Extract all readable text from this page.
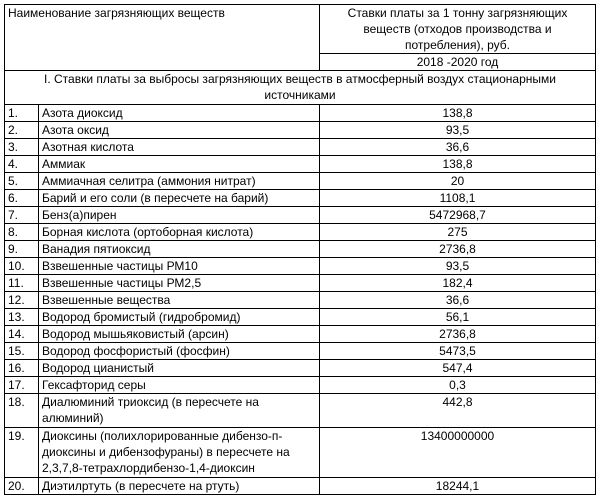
Наименование загрязняющих веществ		Ставки платы за 1 тонну загрязняющих веществ (отходов производства и потребления), руб.
		2018 -2020 год
I. Ставки платы за выбросы загрязняющих веществ в атмосферный воздух стационарными источниками		
1.	Азота диоксид	138,8
2.	Азота оксид	93,5
3.	Азотная кислота	36,6
4.	Аммиак	138,8
5.	Аммиачная селитра (аммония нитрат)	20
6.	Барий и его соли (в пересчете на барий)	1108,1
7.	Бенз(а)пирен	5472968,7
8.	Борная кислота (ортоборная кислота)	275
9.	Ванадия пятиоксид	2736,8
10.	Взвешенные частицы РМ10	93,5
11.	Взвешенные частицы РМ2,5	182,4
12.	Взвешенные вещества	36,6
13.	Водород бромистый (гидробромид)	56,1
14.	Водород мышьяковистый (арсин)	2736,8
15.	Водород фосфористый (фосфин)	5473,5
16.	Водород цианистый	547,4
17.	Гексафторид серы	0,3
18.	Диалюминий триоксид (в пересчете на алюминий)	442,8
19.	Диоксины (полихлорированные дибензо-п-диоксины и дибензофураны) в пересчете на 2,3,7,8-тетрахлордибензо-1,4-диоксин	13400000000
20.	Диэтилртуть (в пересчете на ртуть)	18244,1
